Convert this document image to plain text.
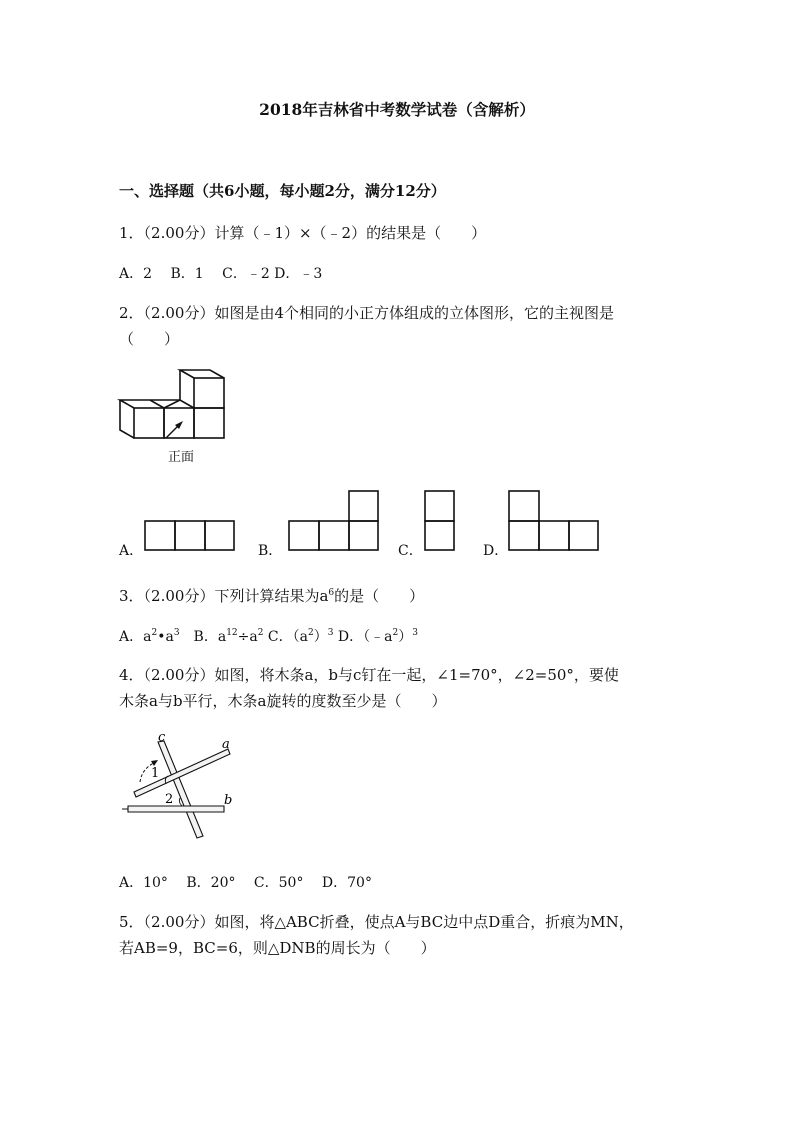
2018年吉林省中考数学试卷（含解析）
一、选择题（共6小题，每小题2分，满分12分）
1．（2.00分）计算（﹣1）×（﹣2）的结果是（　　）
A．2　 B．1　 C．﹣2 D．﹣3
2．（2.00分）如图是由4个相同的小正方体组成的立体图形，它的主视图是
（　　）
正面
A．	B．	C．	D．
3．（2.00分）下列计算结果为$a^6$的是（　　）
A．$a^2•a^3$　B．$a^{12}\div a^2$ C．$(a^2)^3$ D．$(﹣a^2)^3$
4．（2.00分）如图，将木条a，b与c钉在一起，∠1=70°，∠2=50°，要使
木条a与b平行，木条a旋转的度数至少是（　　）
c	a
b
1
2
A．10°　 B．20°　 C．50°　 D．70°
5．（2.00分）如图，将△ABC折叠，使点A与BC边中点D重合，折痕为MN，
若AB=9，BC=6，则△DNB的周长为（　　）
